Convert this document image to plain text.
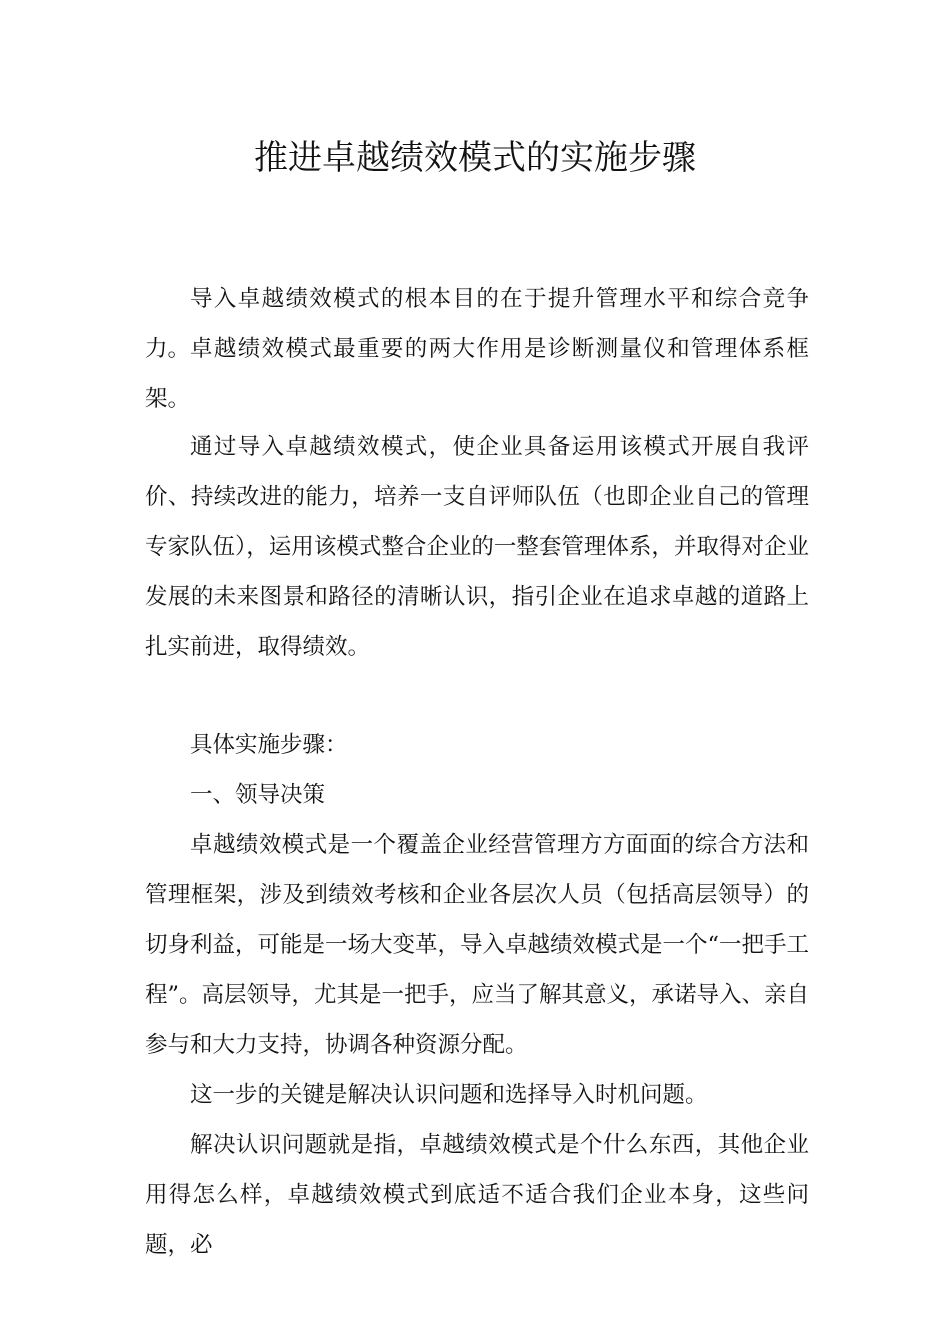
推进卓越绩效模式的实施步骤

导入卓越绩效模式的根本目的在于提升管理水平和综合竞争力。 卓越绩效模式最重要的两大作用是诊断测量仪和管理体系框架。

通过导入卓越绩效模式，使企业具备运用该模式开展自我评价、持续改进的能力，培养一支自评师队伍（也即企业自己的管理专家队伍），运用该模式整合企业的一整套管理体系，并取得对企业发展的未来图景和路径的清晰认识，指引企业在追求卓越的道路上扎实前进，取得绩效。

具体实施步骤：

一、领导决策

卓越绩效模式是一个覆盖企业经营管理方方面面的综合方法和管理框架，涉及到绩效考核和企业各层次人员（包括高层领导）的切身利益，可能是一场大变革，导入卓越绩效模式是一个“一把手工程”。高层领导，尤其是一把手，应当了解其意义，承诺导入、亲自参与和大力支持，协调各种资源分配。

这一步的关键是解决认识问题和选择导入时机问题。

解决认识问题就是指，卓越绩效模式是个什么东西，其他企业用得怎么样，卓越绩效模式到底适不适合我们企业本身，这些问题，必
